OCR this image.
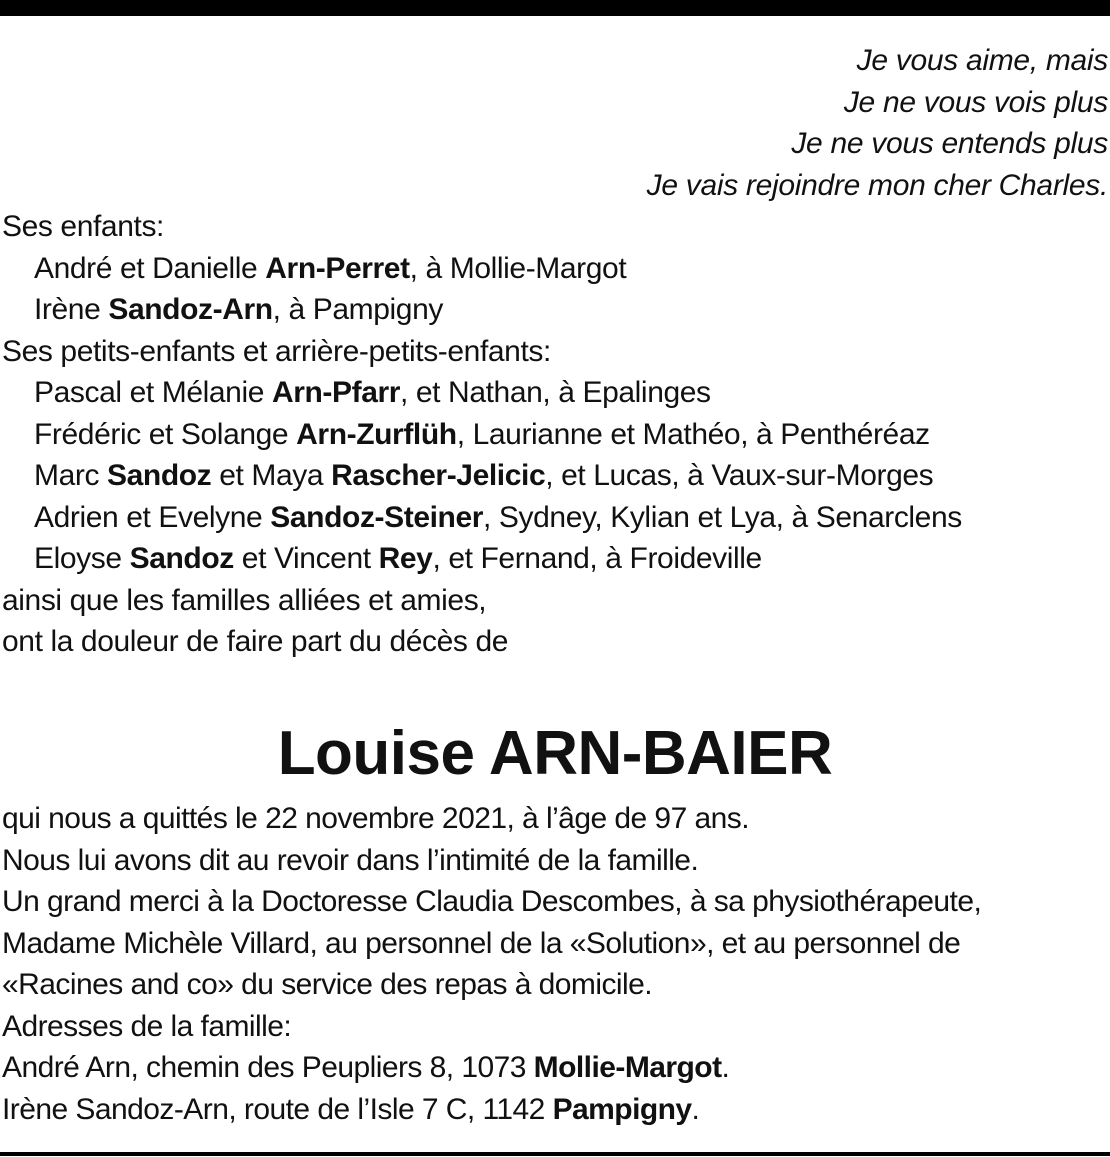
Je vous aime, mais
Je ne vous vois plus
Je ne vous entends plus
Je vais rejoindre mon cher Charles.
Ses enfants:
André et Danielle Arn-Perret, à Mollie-Margot
Irène Sandoz-Arn, à Pampigny
Ses petits-enfants et arrière-petits-enfants:
Pascal et Mélanie Arn-Pfarr, et Nathan, à Epalinges
Frédéric et Solange Arn-Zurflüh, Laurianne et Mathéo, à Penthéréaz
Marc Sandoz et Maya Rascher-Jelicic, et Lucas, à Vaux-sur-Morges
Adrien et Evelyne Sandoz-Steiner, Sydney, Kylian et Lya, à Senarclens
Eloyse Sandoz et Vincent Rey, et Fernand, à Froideville
ainsi que les familles alliées et amies,
ont la douleur de faire part du décès de
Louise ARN-BAIER
qui nous a quittés le 22 novembre 2021, à l’âge de 97 ans.
Nous lui avons dit au revoir dans l’intimité de la famille.
Un grand merci à la Doctoresse Claudia Descombes, à sa physiothérapeute,
Madame Michèle Villard, au personnel de la «Solution», et au personnel de
«Racines and co» du service des repas à domicile.
Adresses de la famille:
André Arn, chemin des Peupliers 8, 1073 Mollie-Margot.
Irène Sandoz-Arn, route de l’Isle 7 C, 1142 Pampigny.
